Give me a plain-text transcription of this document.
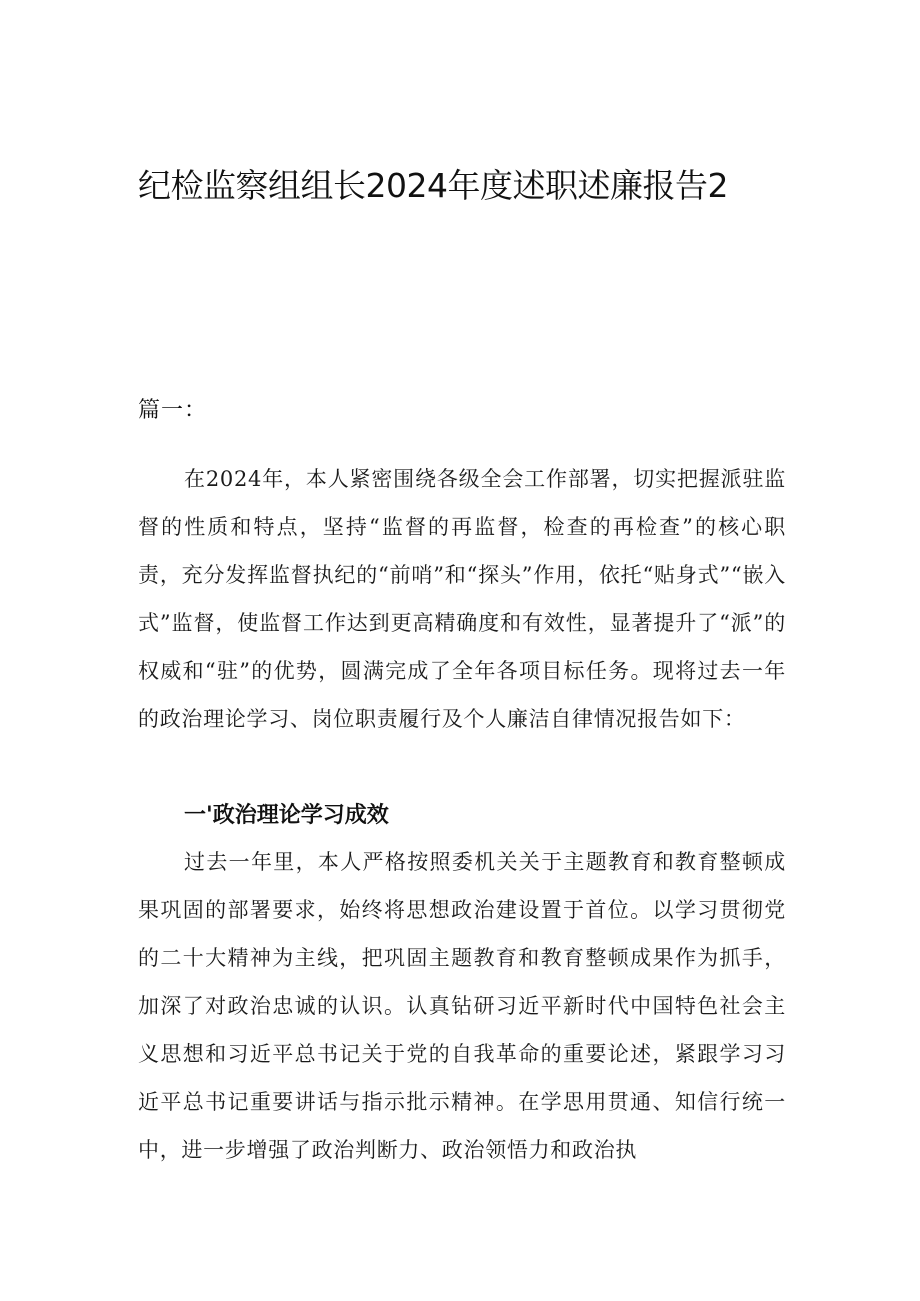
纪检监察组组长2024年度述职述廉报告2

篇一：

在2024年，本人紧密围绕各级全会工作部署，切实把握派驻监督的性质和特点，坚持“监督的再监督，检查的再检查”的核心职责，充分发挥监督执纪的“前哨”和“探头”作用，依托“贴身式”“嵌入式”监督，使监督工作达到更高精确度和有效性，显著提升了“派”的权威和“驻”的优势，圆满完成了全年各项目标任务。现将过去一年的政治理论学习、岗位职责履行及个人廉洁自律情况报告如下：

一'政治理论学习成效

过去一年里，本人严格按照委机关关于主题教育和教育整顿成果巩固的部署要求，始终将思想政治建设置于首位。以学习贯彻党的二十大精神为主线，把巩固主题教育和教育整顿成果作为抓手，加深了对政治忠诚的认识。认真钻研习近平新时代中国特色社会主义思想和习近平总书记关于党的自我革命的重要论述，紧跟学习习近平总书记重要讲话与指示批示精神。在学思用贯通、知信行统一中，进一步增强了政治判断力、政治领悟力和政治执
